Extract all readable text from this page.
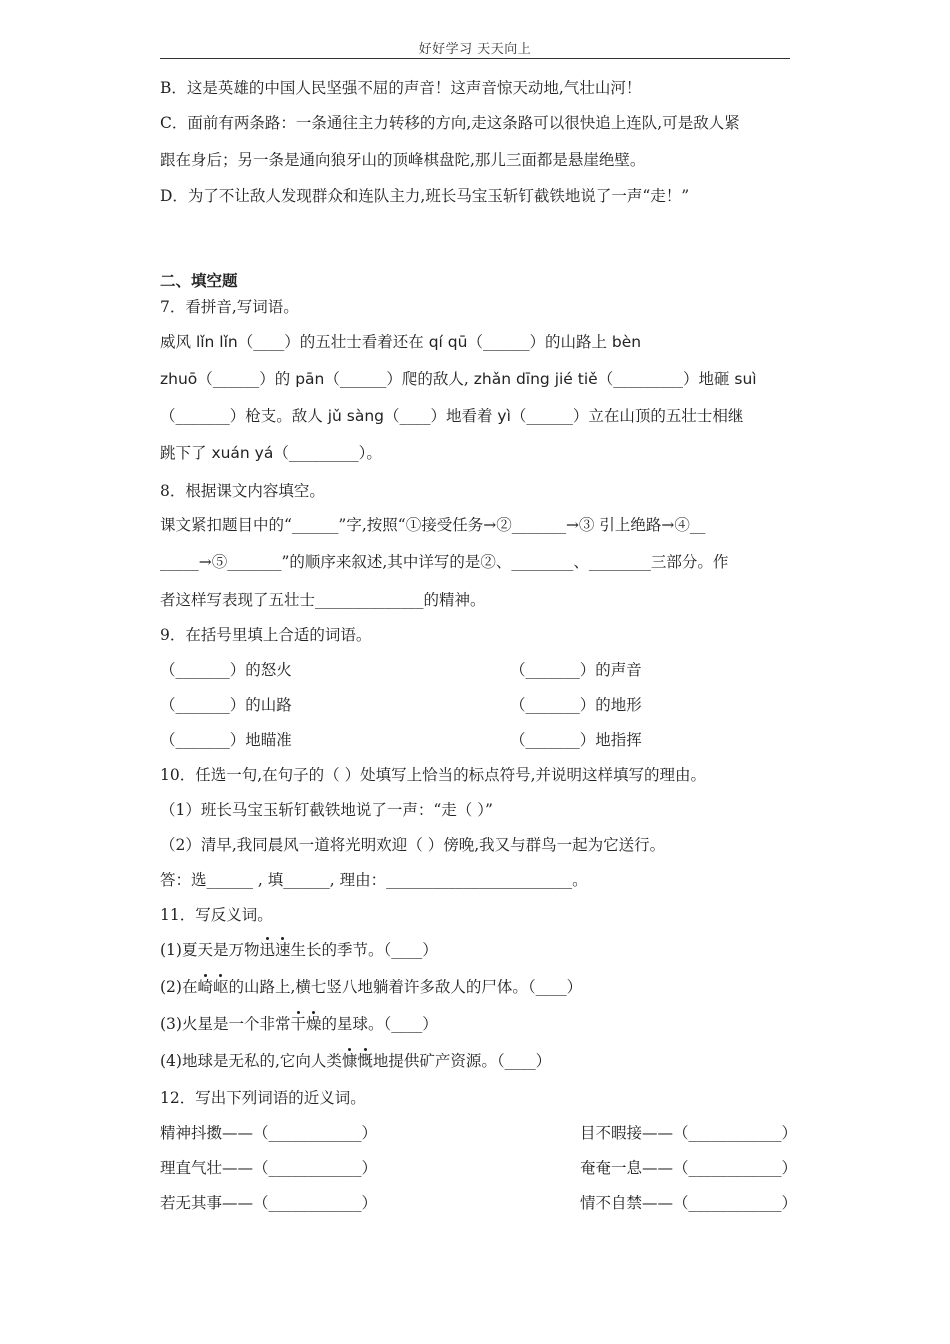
好好学习 天天向上
B．这是英雄的中国人民坚强不屈的声音！这声音惊天动地,气壮山河！
C．面前有两条路：一条通往主力转移的方向,走这条路可以很快追上连队,可是敌人紧
跟在身后；另一条是通向狼牙山的顶峰棋盘陀,那儿三面都是悬崖绝壁。
D．为了不让敌人发现群众和连队主力,班长马宝玉斩钉截铁地说了一声“走！”
二、填空题
7．看拼音,写词语。
威风 lǐn lǐn（____）的五壮士看着还在 qí qū（______）的山路上 bèn
zhuō（______）的 pān（______）爬的敌人, zhǎn dīng jié tiě（_________）地砸 suì
（_______）枪支。敌人 jǔ sàng（____）地看着 yì（______）立在山顶的五壮士相继
跳下了 xuán yá（_________）。
8．根据课文内容填空。
课文紧扣题目中的“______”字,按照“①接受任务→②_______→③ 引上绝路→④__
_____→⑤_______”的顺序来叙述,其中详写的是②、________、________三部分。作
者这样写表现了五壮士______________的精神。
9．在括号里填上合适的词语。
（_______）的怒火	（_______）的声音
（_______）的山路	（_______）的地形
（_______）地瞄准	（_______）地指挥
10．任选一句,在句子的（ ）处填写上恰当的标点符号,并说明这样填写的理由。
（1）班长马宝玉斩钉截铁地说了一声：“走（ ）”
（2）清早,我同晨风一道将光明欢迎（ ）傍晚,我又与群鸟一起为它送行。
答：选______ , 填______, 理由：________________________。
11．写反义词。
(1)夏天是万物迅速生长的季节。（____）
(2)在崎岖的山路上,横七竖八地躺着许多敌人的尸体。（____）
(3)火星是一个非常干燥的星球。（____）
(4)地球是无私的,它向人类慷慨地提供矿产资源。（____）
12．写出下列词语的近义词。
精神抖擞——（____________）	目不暇接——（____________）
理直气壮——（____________）	奄奄一息——（____________）
若无其事——（____________）	情不自禁——（____________）
